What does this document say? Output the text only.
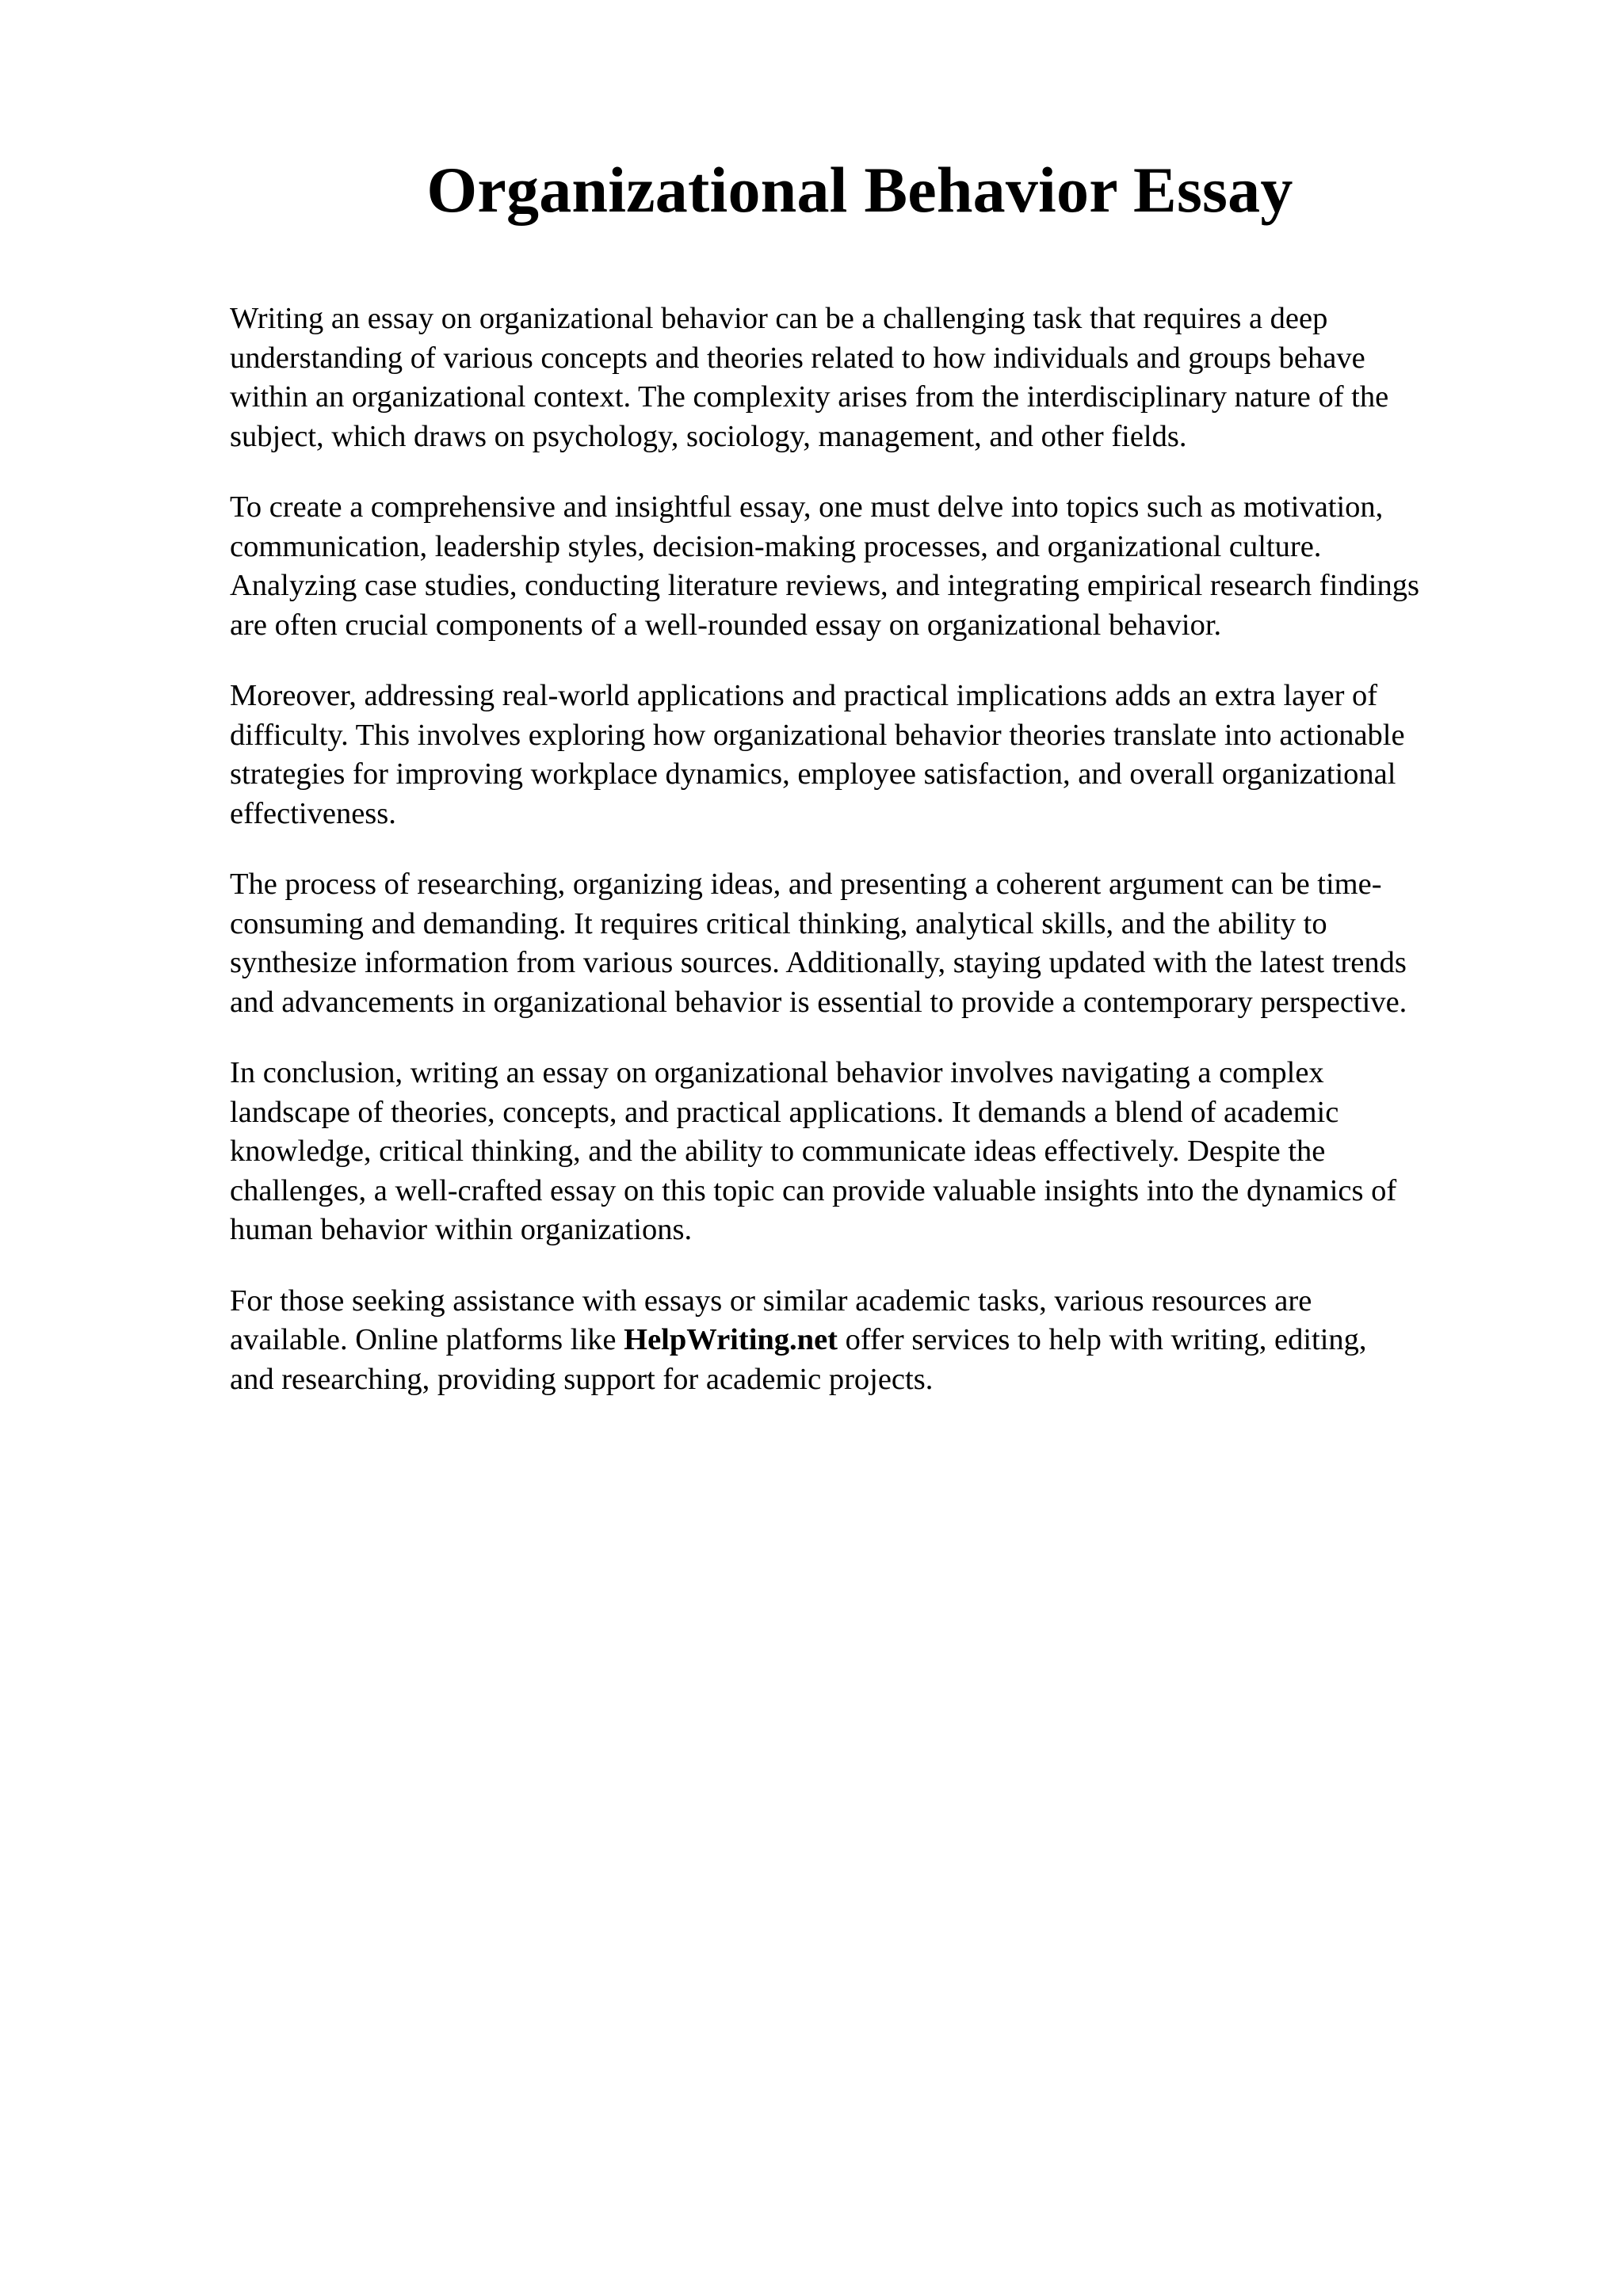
Organizational Behavior Essay

Writing an essay on organizational behavior can be a challenging task that requires a deep
understanding of various concepts and theories related to how individuals and groups behave
within an organizational context. The complexity arises from the interdisciplinary nature of the
subject, which draws on psychology, sociology, management, and other fields.

To create a comprehensive and insightful essay, one must delve into topics such as motivation,
communication, leadership styles, decision-making processes, and organizational culture.
Analyzing case studies, conducting literature reviews, and integrating empirical research findings
are often crucial components of a well-rounded essay on organizational behavior.

Moreover, addressing real-world applications and practical implications adds an extra layer of
difficulty. This involves exploring how organizational behavior theories translate into actionable
strategies for improving workplace dynamics, employee satisfaction, and overall organizational
effectiveness.

The process of researching, organizing ideas, and presenting a coherent argument can be time-
consuming and demanding. It requires critical thinking, analytical skills, and the ability to
synthesize information from various sources. Additionally, staying updated with the latest trends
and advancements in organizational behavior is essential to provide a contemporary perspective.

In conclusion, writing an essay on organizational behavior involves navigating a complex
landscape of theories, concepts, and practical applications. It demands a blend of academic
knowledge, critical thinking, and the ability to communicate ideas effectively. Despite the
challenges, a well-crafted essay on this topic can provide valuable insights into the dynamics of
human behavior within organizations.

For those seeking assistance with essays or similar academic tasks, various resources are
available. Online platforms like HelpWriting.net offer services to help with writing, editing,
and researching, providing support for academic projects.
